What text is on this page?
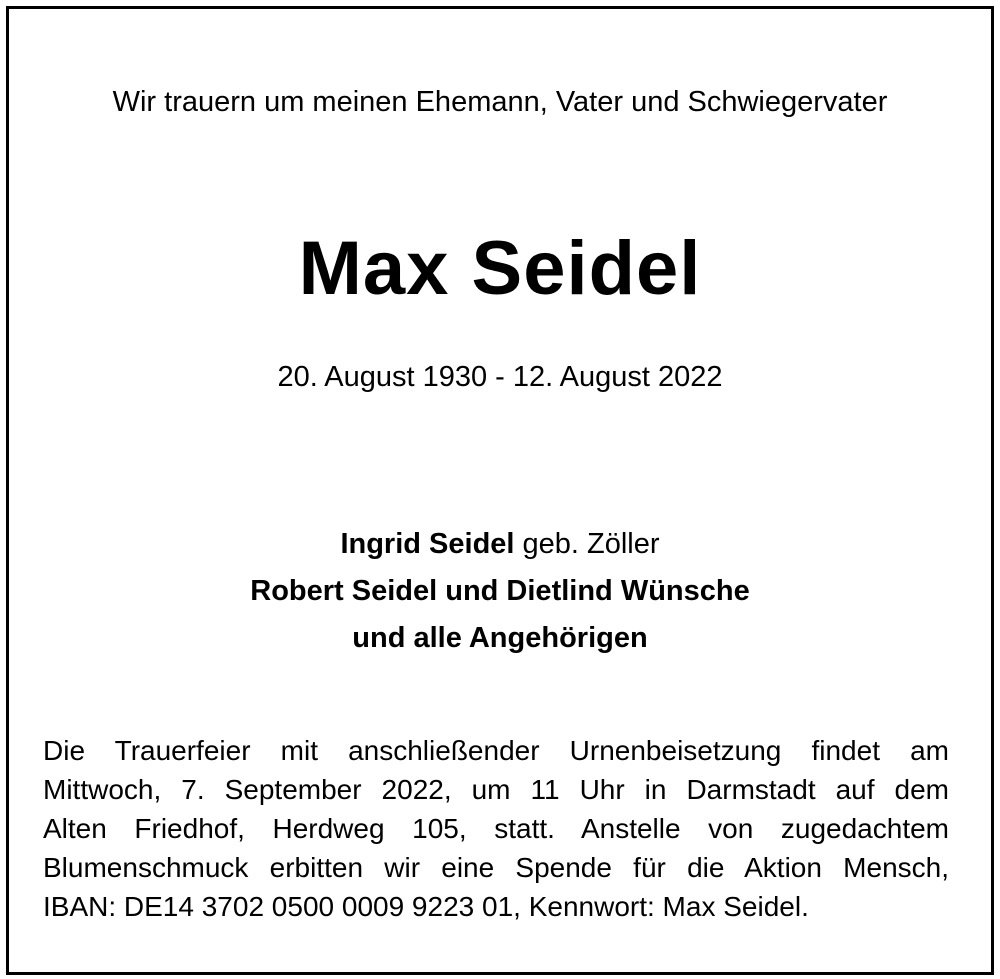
Wir trauern um meinen Ehemann, Vater und Schwiegervater
Max Seidel
20. August 1930 - 12. August 2022
Ingrid Seidel geb. Zöller
Robert Seidel und Dietlind Wünsche
und alle Angehörigen
Die Trauerfeier mit anschließender Urnenbeisetzung findet am
Mittwoch, 7. September 2022, um 11 Uhr in Darmstadt auf dem
Alten Friedhof, Herdweg 105, statt. Anstelle von zugedachtem
Blumenschmuck erbitten wir eine Spende für die Aktion Mensch,
IBAN: DE14 3702 0500 0009 9223 01, Kennwort: Max Seidel.
